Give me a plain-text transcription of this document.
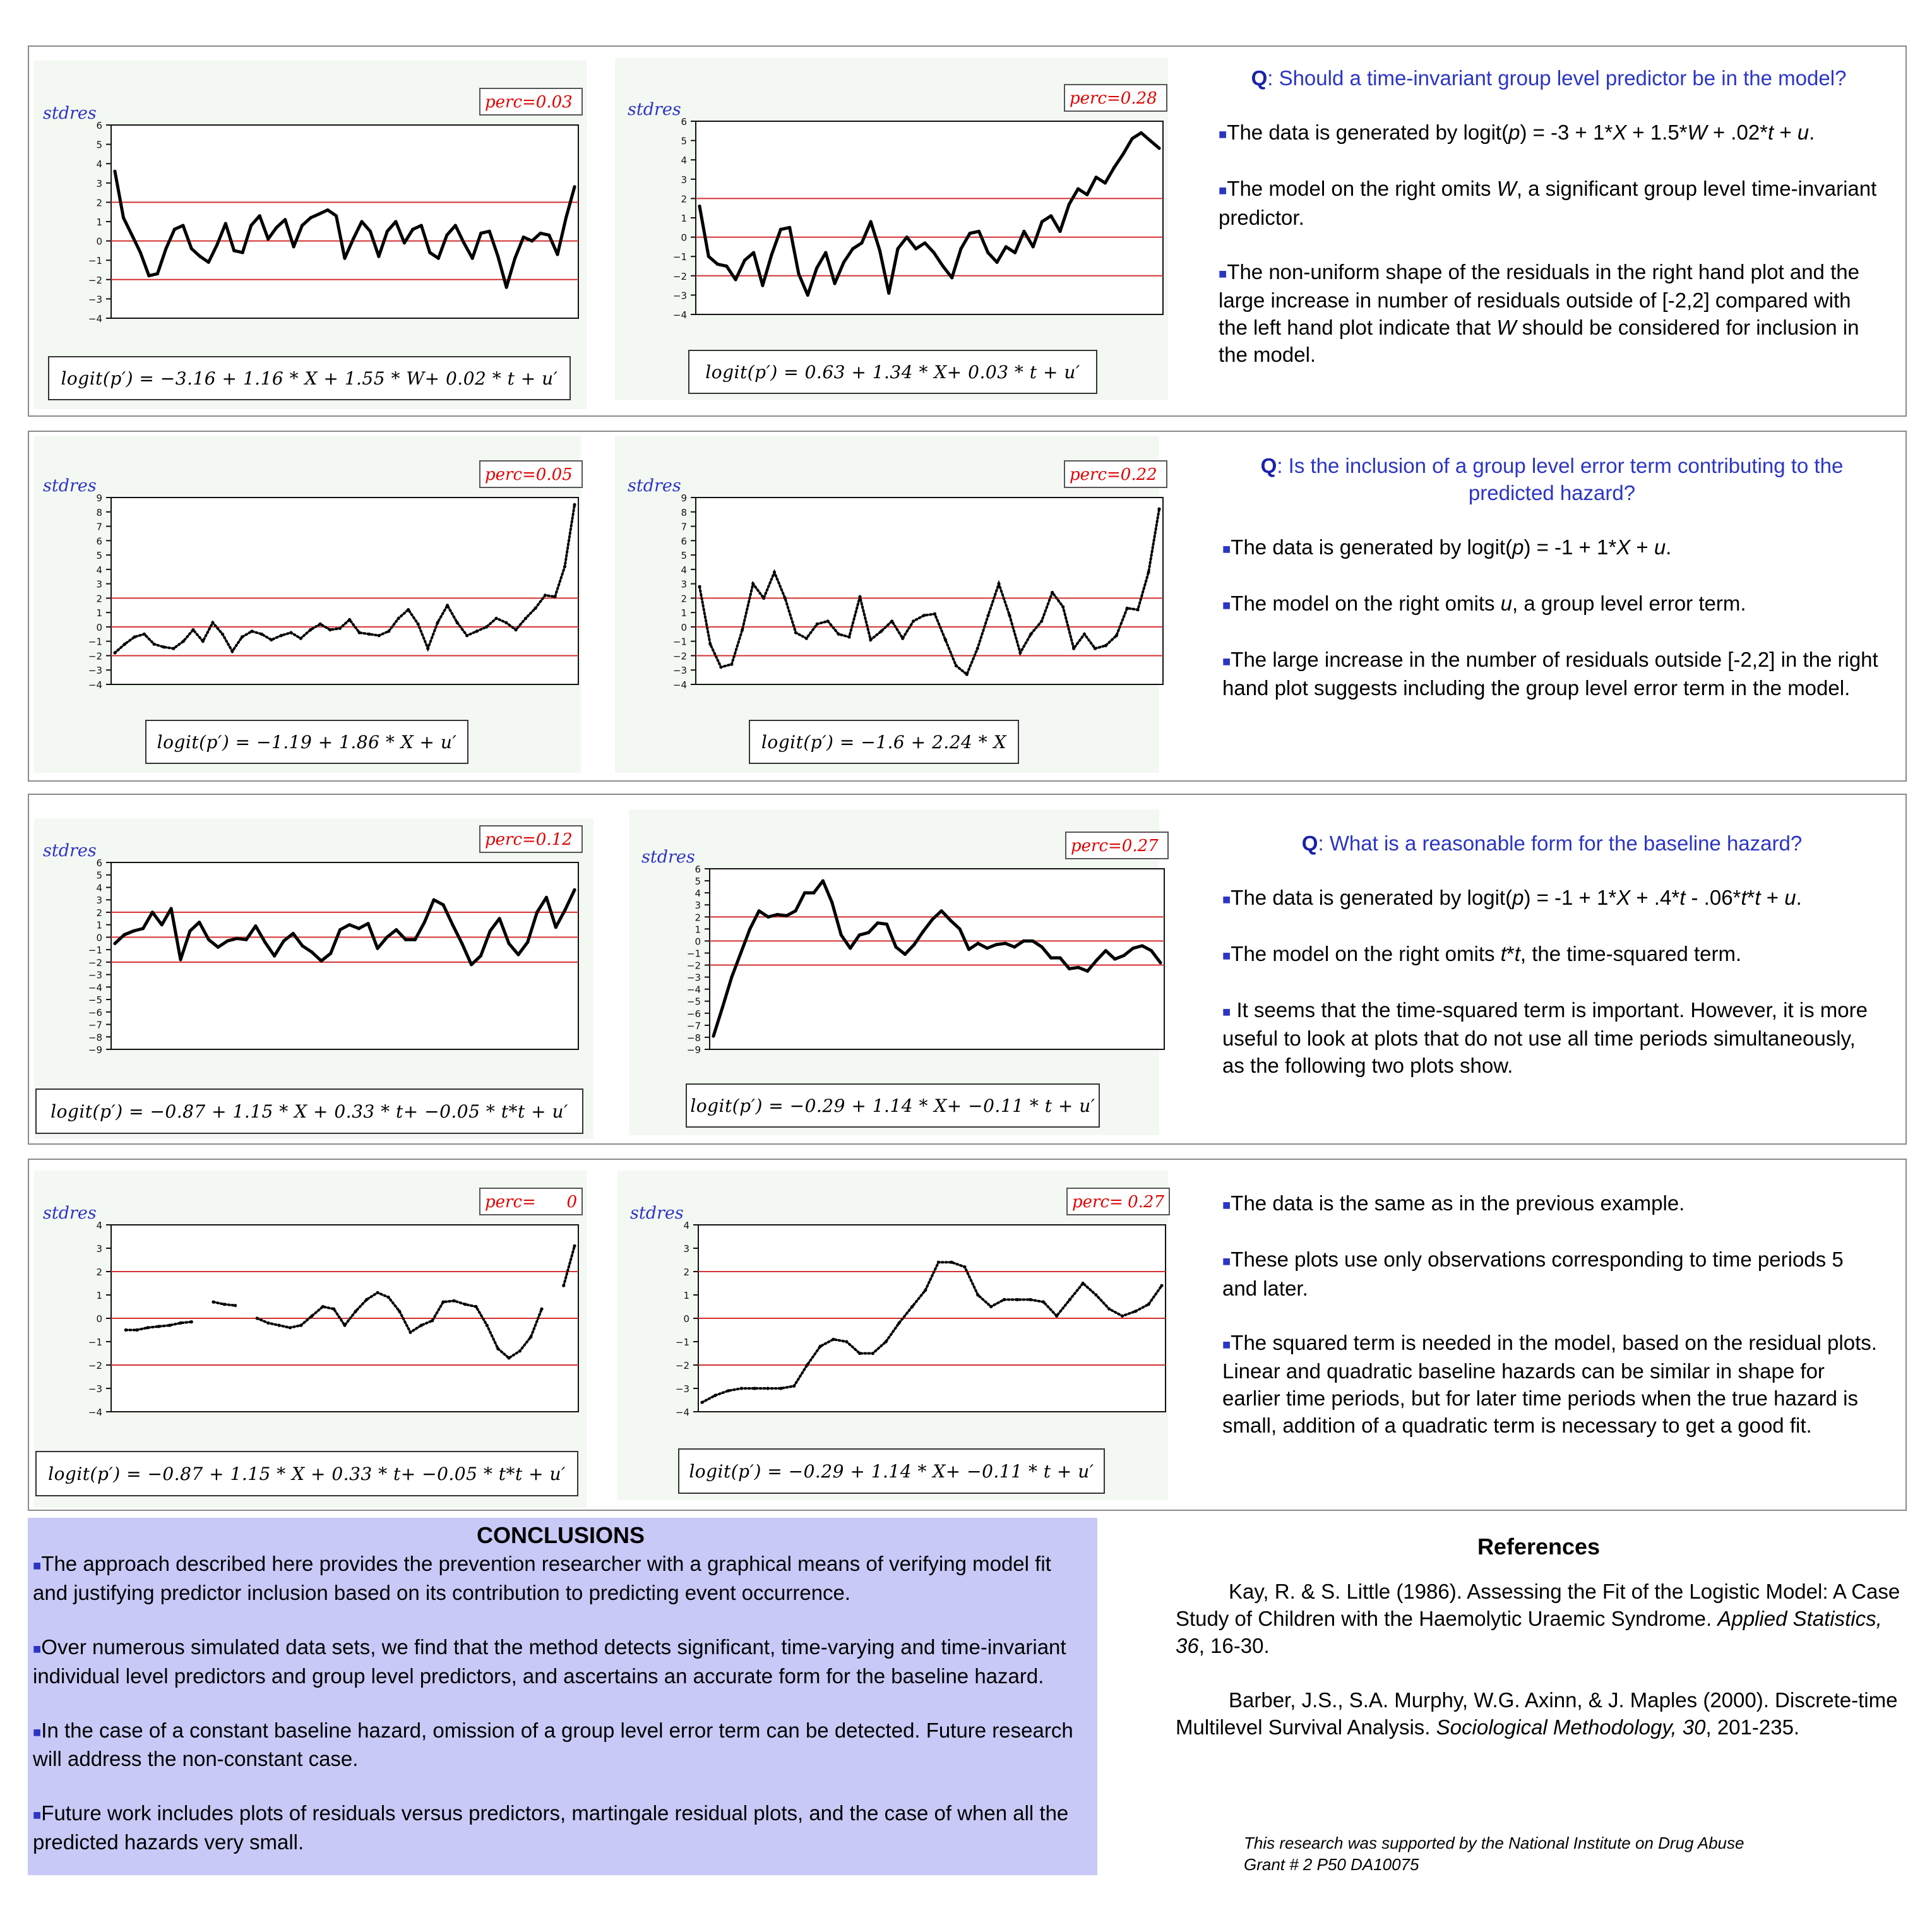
stdres
perc=0.03
6
5
4
3
2
1
0
−1
−2
−3
−4
stdres
perc=0.28
6
5
4
3
2
1
0
−1
−2
−3
−4
stdres
perc=0.05
9
8
7
6
5
4
3
2
1
0
−1
−2
−3
−4
stdres
perc=0.22
9
8
7
6
5
4
3
2
1
0
−1
−2
−3
−4
stdres
perc=0.12
6
5
4
3
2
1
0
−1
−2
−3
−4
−5
−6
−7
−8
−9
stdres
perc=0.27
6
5
4
3
2
1
0
−1
−2
−3
−4
−5
−6
−7
−8
−9
stdres
perc= 0
4
3
2
1
0
−1
−2
−3
−4
stdres
perc= 0.27
4
3
2
1
0
−1
−2
−3
−4
logit(p′) = −3.16 + 1.16 * X + 1.55 * W+ 0.02 * t + u′	logit(p′) = 0.63 + 1.34 * X+ 0.03 * t + u′
logit(p′) = −1.19 + 1.86 * X + u′	logit(p′) = −1.6 + 2.24 * X
logit(p′) = −0.87 + 1.15 * X + 0.33 * t+ −0.05 * t*t + u′	logit(p′) = −0.29 + 1.14 * X+ −0.11 * t + u′
logit(p′) = −0.87 + 1.15 * X + 0.33 * t+ −0.05 * t*t + u′	logit(p′) = −0.29 + 1.14 * X+ −0.11 * t + u′

Q: Should a time-invariant group level predictor be in the model?

■The data is generated by logit(p) = -3 + 1*X + 1.5*W + .02*t + u.

■The model on the right omits W, a significant group level time-invariant predictor.

■The non-uniform shape of the residuals in the right hand plot and the large increase in number of residuals outside of [-2,2] compared with the left hand plot indicate that W should be considered for inclusion in the model.

Q: Is the inclusion of a group level error term contributing to the predicted hazard?

■The data is generated by logit(p) = -1 + 1*X + u.

■The model on the right omits u, a group level error term.

■The large increase in the number of residuals outside [-2,2] in the right hand plot suggests including the group level error term in the model.

Q: What is a reasonable form for the baseline hazard?

■The data is generated by logit(p) = -1 + 1*X + .4*t - .06*t*t + u.

■The model on the right omits t*t, the time-squared term.

■ It seems that the time-squared term is important. However, it is more useful to look at plots that do not use all time periods simultaneously, as the following two plots show.

■The data is the same as in the previous example.

■These plots use only observations corresponding to time periods 5 and later.

■The squared term is needed in the model, based on the residual plots. Linear and quadratic baseline hazards can be similar in shape for earlier time periods, but for later time periods when the true hazard is small, addition of a quadratic term is necessary to get a good fit.

CONCLUSIONS

■The approach described here provides the prevention researcher with a graphical means of verifying model fit and justifying predictor inclusion based on its contribution to predicting event occurrence.

■Over numerous simulated data sets, we find that the method detects significant, time-varying and time-invariant individual level predictors and group level predictors, and ascertains an accurate form for the baseline hazard.

■In the case of a constant baseline hazard, omission of a group level error term can be detected. Future research will address the non-constant case.

■Future work includes plots of residuals versus predictors, martingale residual plots, and the case of when all the predicted hazards very small.

References

Kay, R. & S. Little (1986). Assessing the Fit of the Logistic Model: A Case Study of Children with the Haemolytic Uraemic Syndrome. Applied Statistics, 36, 16-30.

Barber, J.S., S.A. Murphy, W.G. Axinn, & J. Maples (2000). Discrete-time Multilevel Survival Analysis. Sociological Methodology, 30, 201-235.

This research was supported by the National Institute on Drug Abuse
Grant # 2 P50 DA10075
